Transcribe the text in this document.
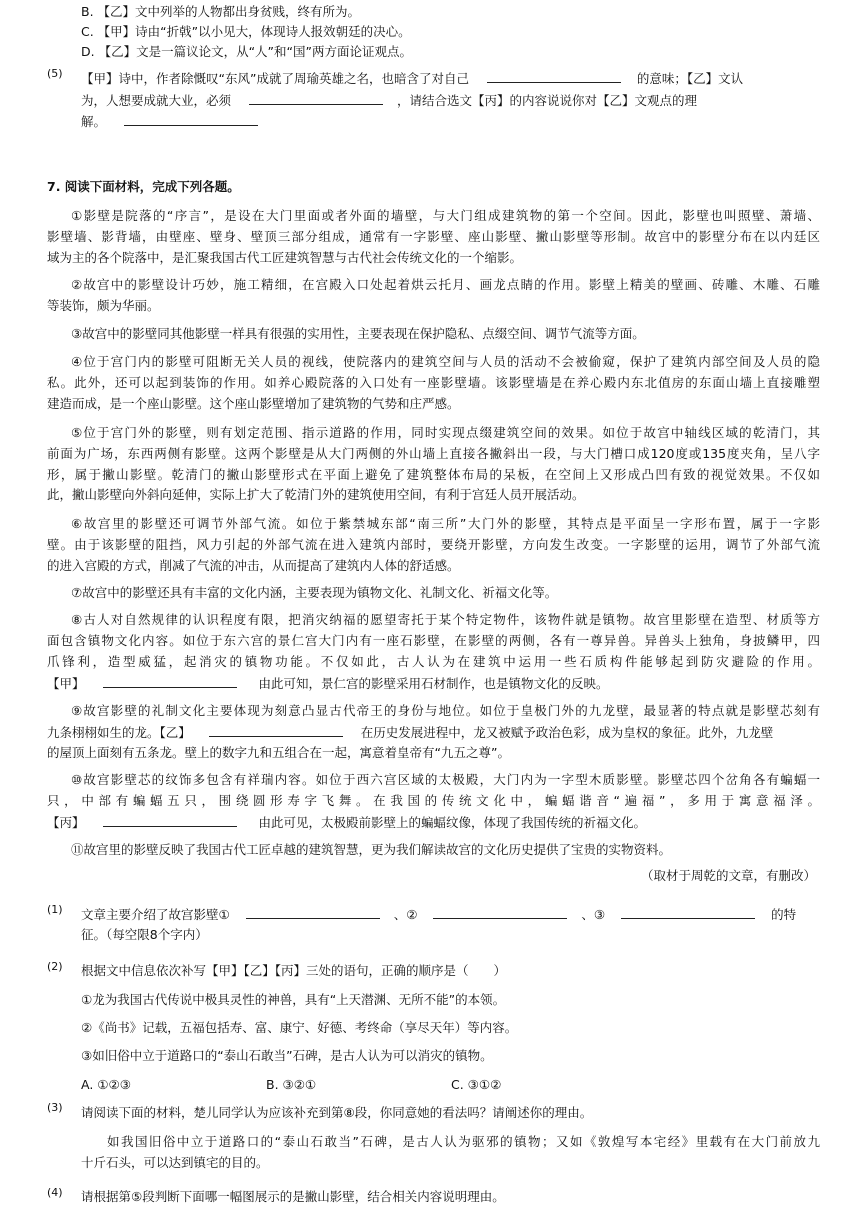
B. 【乙】文中列举的人物都出身贫贱，终有所为。
C. 【甲】诗由“折戟”以小见大，体现诗人报效朝廷的决心。
D. 【乙】文是一篇议论文，从“人”和“国”两方面论证观点。
(5) 【甲】诗中，作者除慨叹“东风”成就了周瑜英雄之名，也暗含了对自己	的意味；【乙】文认
为，人想要成就大业，必须	，请结合选文【丙】的内容说说你对【乙】文观点的理
解。
7. 阅读下面材料，完成下列各题。
①影壁是院落的“序言”，是设在大门里面或者外面的墙壁，与大门组成建筑物的第一个空间。因此，影壁也叫照壁、萧墙、
影壁墙、影背墙，由壁座、壁身、壁顶三部分组成，通常有一字影壁、座山影壁、撇山影壁等形制。故宫中的影壁分布在以内廷区
域为主的各个院落中，是汇聚我国古代工匠建筑智慧与古代社会传统文化的一个缩影。
②故宫中的影壁设计巧妙，施工精细，在宫殿入口处起着烘云托月、画龙点睛的作用。影壁上精美的壁画、砖雕、木雕、石雕
等装饰，颇为华丽。
③故宫中的影壁同其他影壁一样具有很强的实用性，主要表现在保护隐私、点缀空间、调节气流等方面。
④位于宫门内的影壁可阻断无关人员的视线，使院落内的建筑空间与人员的活动不会被偷窥，保护了建筑内部空间及人员的隐
私。此外，还可以起到装饰的作用。如养心殿院落的入口处有一座影壁墙。该影壁墙是在养心殿内东北值房的东面山墙上直接雕塑
建造而成，是一个座山影壁。这个座山影壁增加了建筑物的气势和庄严感。
⑤位于宫门外的影壁，则有划定范围、指示道路的作用，同时实现点缀建筑空间的效果。如位于故宫中轴线区域的乾清门，其
前面为广场，东西两侧有影壁。这两个影壁是从大门两侧的外山墙上直接各撇斜出一段，与大门槽口成120度或135度夹角，呈八字
形，属于撇山影壁。乾清门的撇山影壁形式在平面上避免了建筑整体布局的呆板，在空间上又形成凸凹有致的视觉效果。不仅如
此，撇山影壁向外斜向延伸，实际上扩大了乾清门外的建筑使用空间，有利于宫廷人员开展活动。
⑥故宫里的影壁还可调节外部气流。如位于紫禁城东部“南三所”大门外的影壁，其特点是平面呈一字形布置，属于一字影
壁。由于该影壁的阻挡，风力引起的外部气流在进入建筑内部时，要绕开影壁，方向发生改变。一字影壁的运用，调节了外部气流
的进入宫殿的方式，削减了气流的冲击，从而提高了建筑内人体的舒适感。
⑦故宫中的影壁还具有丰富的文化内涵，主要表现为镇物文化、礼制文化、祈福文化等。
⑧古人对自然规律的认识程度有限，把消灾纳福的愿望寄托于某个特定物件，该物件就是镇物。故宫里影壁在造型、材质等方
面包含镇物文化内容。如位于东六宫的景仁宫大门内有一座石影壁，在影壁的两侧，各有一尊异兽。异兽头上独角，身披鳞甲，四
爪锋利，造型威猛，起消灾的镇物功能。不仅如此，古人认为在建筑中运用一些石质构件能够起到防灾避险的作用。
【甲】	由此可知，景仁宫的影壁采用石材制作，也是镇物文化的反映。
⑨故宫影壁的礼制文化主要体现为刻意凸显古代帝王的身份与地位。如位于皇极门外的九龙壁，最显著的特点就是影壁芯刻有
九条栩栩如生的龙。【乙】	在历史发展进程中，龙又被赋予政治色彩，成为皇权的象征。此外，九龙壁
的屋顶上面刻有五条龙。壁上的数字九和五组合在一起，寓意着皇帝有“九五之尊”。
⑩故宫影壁芯的纹饰多包含有祥瑞内容。如位于西六宫区域的太极殿，大门内为一字型木质影壁。影壁芯四个岔角各有蝙蝠一
只，中部有蝙蝠五只，围绕圆形寿字飞舞。在我国的传统文化中，蝙蝠谐音“遍福”，多用于寓意福泽。
【丙】	由此可见，太极殿前影壁上的蝙蝠纹像，体现了我国传统的祈福文化。
⑪故宫里的影壁反映了我国古代工匠卓越的建筑智慧，更为我们解读故宫的文化历史提供了宝贵的实物资料。
（取材于周乾的文章，有删改）
(1) 文章主要介绍了故宫影壁①	、②	、③	的特
征。（每空限8个字内）
(2) 根据文中信息依次补写【甲】【乙】【丙】三处的语句，正确的顺序是（　　）
①龙为我国古代传说中极具灵性的神兽，具有“上天潜渊、无所不能”的本领。
②《尚书》记载，五福包括寿、富、康宁、好德、考终命（享尽天年）等内容。
③如旧俗中立于道路口的“泰山石敢当”石碑，是古人认为可以消灾的镇物。
A. ①②③	B. ③②①	C. ③①②
(3) 请阅读下面的材料，楚儿同学认为应该补充到第⑧段，你同意她的看法吗？请阐述你的理由。
如我国旧俗中立于道路口的“泰山石敢当”石碑，是古人认为驱邪的镇物；又如《敦煌写本宅经》里载有在大门前放九
十斤石头，可以达到镇宅的目的。
(4) 请根据第⑤段判断下面哪一幅图展示的是撇山影壁，结合相关内容说明理由。
